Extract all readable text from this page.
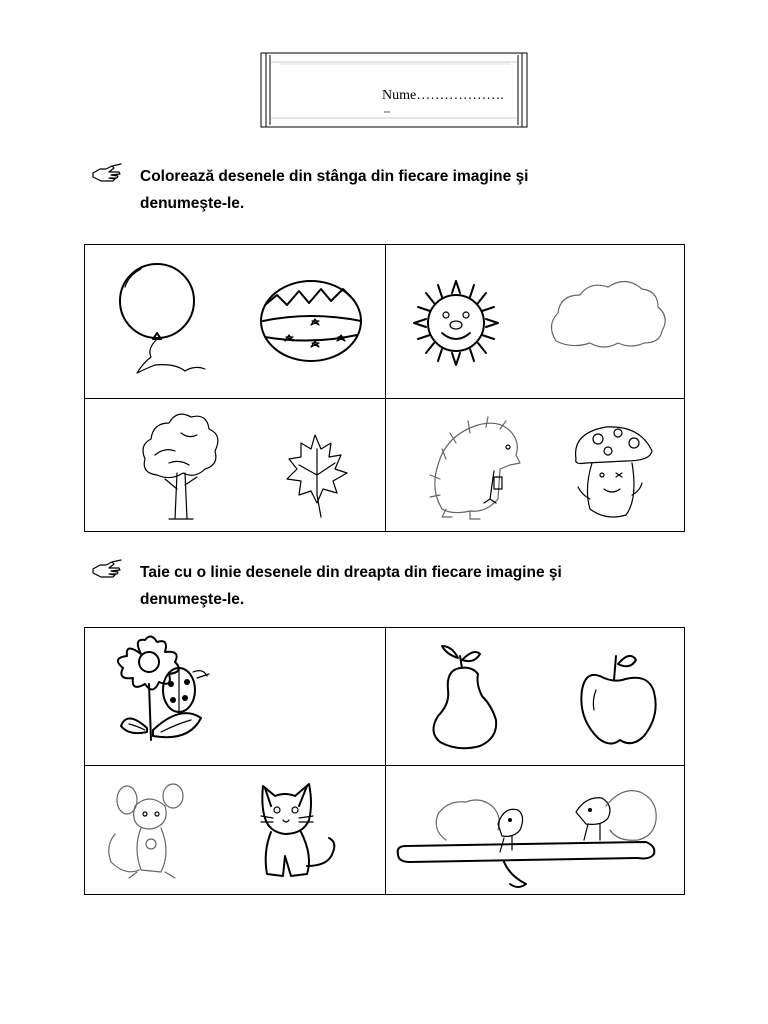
Nume……………….
Colorează desenele din stânga din fiecare imagine şi
denumeşte-le.
Taie cu o linie desenele din dreapta din fiecare imagine şi
denumeşte-le.
